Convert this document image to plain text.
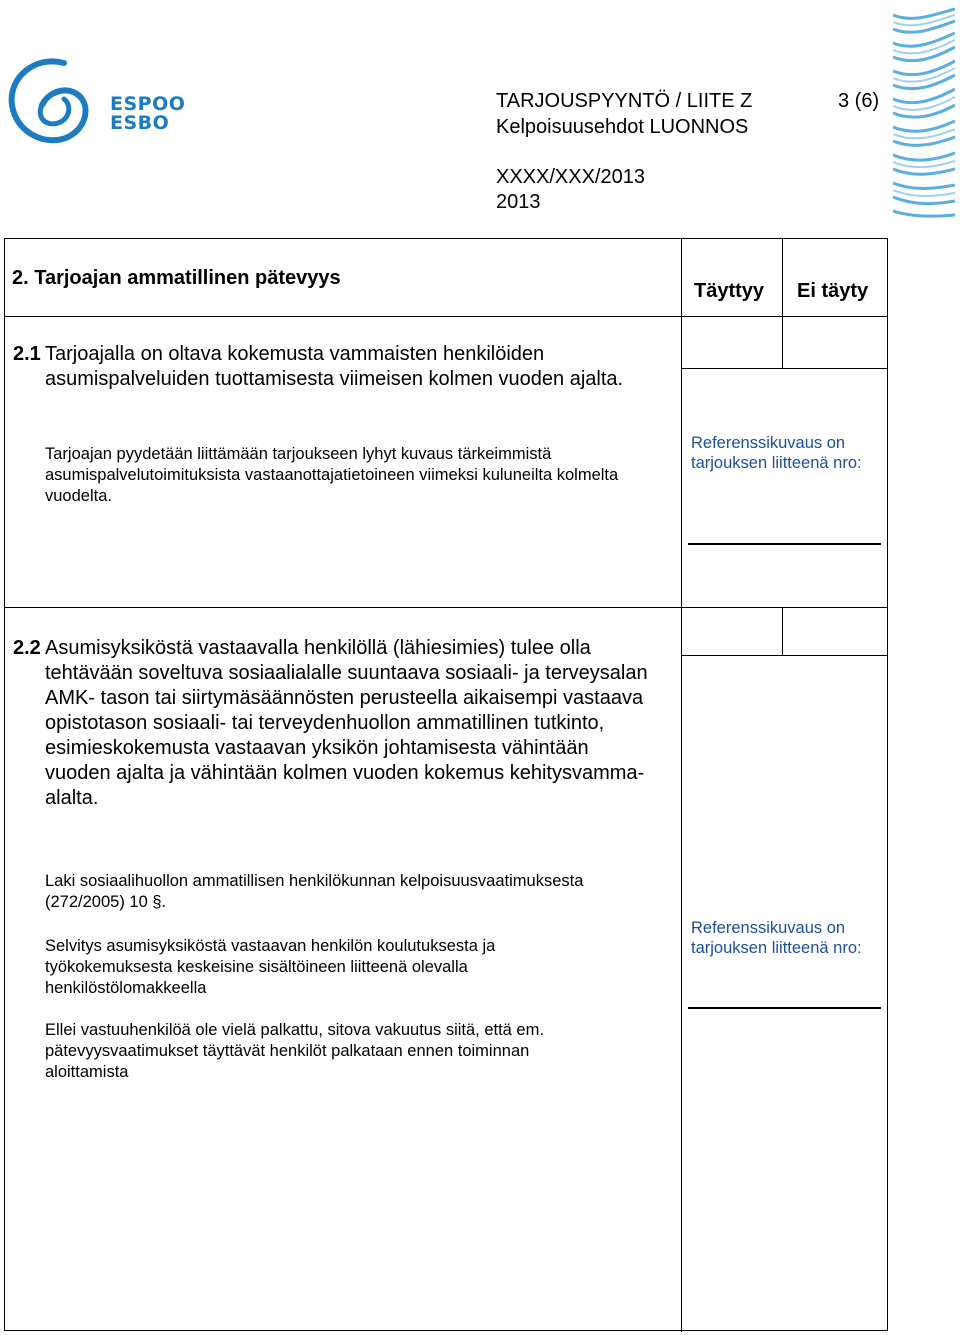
ESPOO
ESBO
TARJOUSPYYNTÖ / LIITE Z	3 (6)
Kelpoisuusehdot LUONNOS
XXXX/XXX/2013
2013
2. Tarjoajan ammatillinen pätevyys
Täyttyy Ei täyty
2.1 Tarjoajalla on oltava kokemusta vammaisten henkilöiden asumispalveluiden tuottamisesta viimeisen kolmen vuoden ajalta.
Tarjoajan pyydetään liittämään tarjoukseen lyhyt kuvaus tärkeimmistä asumispalvelutoimituksista vastaanottajatietoineen viimeksi kuluneilta kolmelta vuodelta.
Referenssikuvaus on
tarjouksen liitteenä nro:
2.2 Asumisyksiköstä vastaavalla henkilöllä (lähiesimies) tulee olla tehtävään soveltuva sosiaalialalle suuntaava sosiaali- ja terveysalan AMK- tason tai siirtymäsäännösten perusteella aikaisempi vastaava opistotason sosiaali- tai terveydenhuollon ammatillinen tutkinto, esimieskokemusta vastaavan yksikön johtamisesta vähintään vuoden ajalta ja vähintään kolmen vuoden kokemus kehitysvamma-alalta.
Laki sosiaalihuollon ammatillisen henkilökunnan kelpoisuusvaatimuksesta
(272/2005) 10 §.
Selvitys asumisyksiköstä vastaavan henkilön koulutuksesta ja työkokemuksesta keskeisine sisältöineen liitteenä olevalla henkilöstölomakkeella
Ellei vastuuhenkilöä ole vielä palkattu, sitova vakuutus siitä, että em. pätevyysvaatimukset täyttävät henkilöt palkataan ennen toiminnan aloittamista
Referenssikuvaus on
tarjouksen liitteenä nro:
